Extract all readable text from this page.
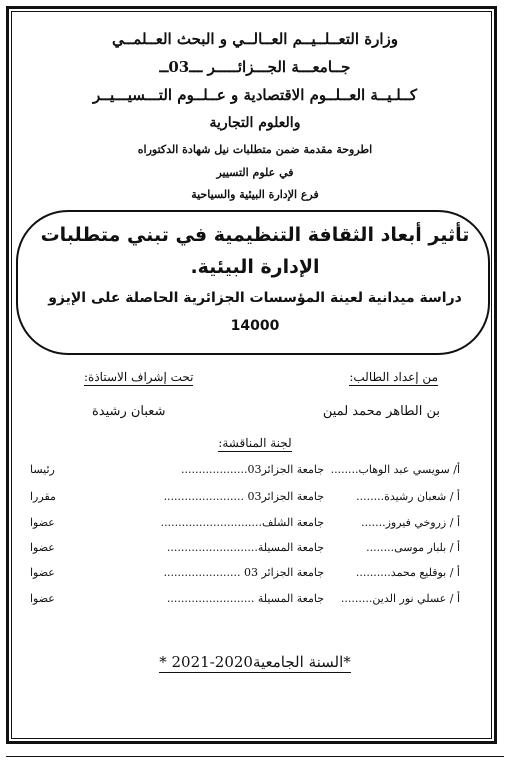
وزارة التعــلــيــم العــالــي و البحث العــلمــي
جــامعـــة الجـــزائـــــر ـــ03ــ
كــلـيــة العــلــوم الاقتصادية و عــلــوم التـــسيـــيــر
والعلوم التجارية
اطروحة مقدمة ضمن متطلبات نيل شهادة الدكتوراه
في علوم التسيير
فرع الإدارة البيئية والسياحية
تأثير أبعاد الثقافة التنظيمية في تبني متطلبات
الإدارة البيئية.
دراسة ميدانية لعينة المؤسسات الجزائرية الحاصلة على الإيزو
14000
من إعداد الطالب:
تحت إشراف الاستاذة:
بن الطاهر محمد لمين
شعبان رشيدة
لجنة المناقشة:
أ/ سويسي عبد الوهاب........
جامعة الجزائر03...................
رئيسا
أ / شعبان رشيدة........
جامعة الجزائر03 .......................
مقررا
أ / زروخي فيروز.......
جامعة الشلف.............................
عضوا
أ / بلبار موسى........
جامعة المسيلة..........................
عضوا
أ / بوقليع محمد..........
جامعة الجزائر 03 ......................
عضوا
أ / عسلي نور الدين.........
جامعة المسيلة .........................
عضوا
*السنة الجامعية2020-2021 *
